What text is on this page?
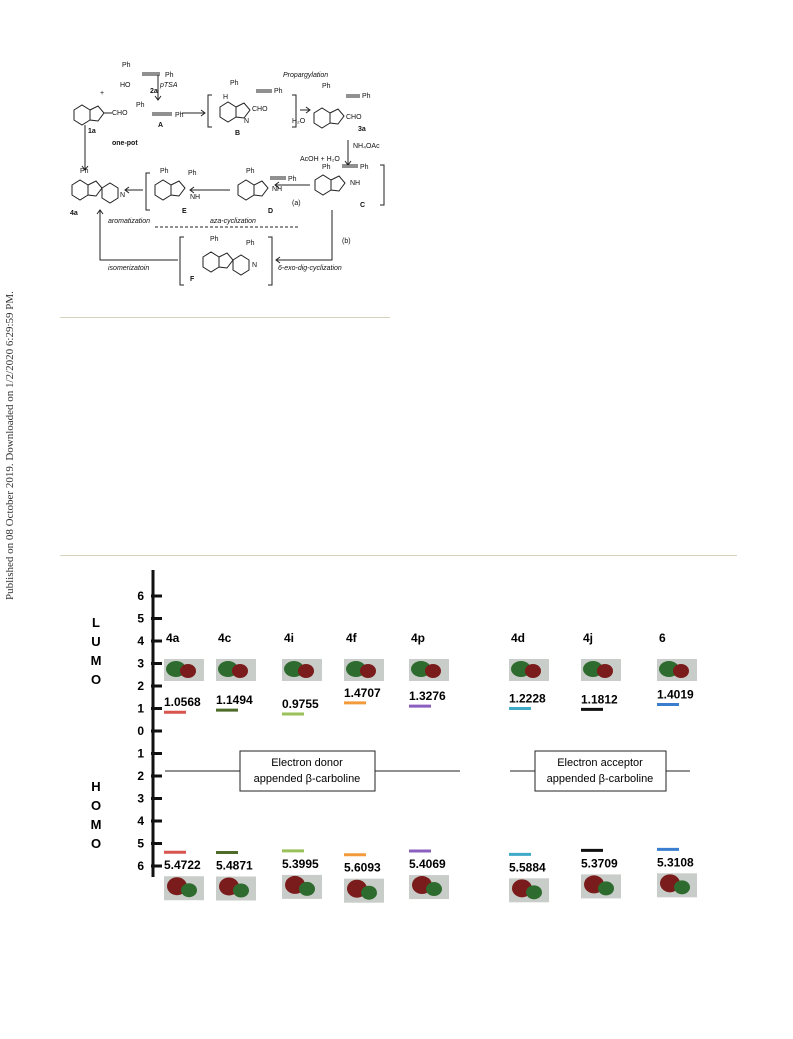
Published on 08 October 2019. Downloaded on 1/2/2020 6:29:59 PM.
Ph
Ph
HO
2a
pTSA
+
Ph
Ph
A
CHO
1a
one-pot
Ph
Ph
H
CHO
N
B
Propargylation
H₂O
Ph
Ph
CHO
3a
NH₄OAc
AcOH + H₂O
Ph	Ph
NH
C
Ph
Ph
NH
D
(a)
Ph	Ph
NH
E
aza-cyclization
Ph
N
4a
aromatization
(b)
6-exo-dig-cyclization
isomerizatoin
Ph
Ph
N
F
6
5
4
3
2
1
0
1
2
3
4
5
6
L
U
M
O
H
O
M
O
Electron donor
appended β-carboline
Electron acceptor
appended β-carboline
4a
1.0568
5.4722
4c
1.1494
5.4871
4i
0.9755
5.3995
4f
1.4707
5.6093
4p
1.3276
5.4069
4d
1.2228
5.5884
4j
1.1812
5.3709
6
1.4019
5.3108
